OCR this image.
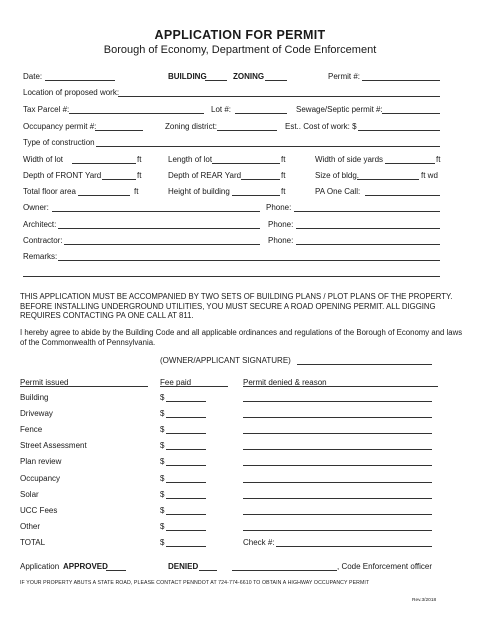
APPLICATION FOR PERMIT
Borough of Economy, Department of Code Enforcement
Date:	BUILDING	ZONING	Permit #:
Location of proposed work:
Tax Parcel #:	Lot #:	Sewage/Septic permit #:
Occupancy permit #:	Zoning district:	Est.. Cost of work: $
Type of construction
Width of lot	ft	Length of lot	ft	Width of side yards	ft
Depth of FRONT Yard	ft	Depth of REAR Yard	ft	Size of bldg.	ft wd
Total floor area	ft	Height of building	ft	PA One Call:
Owner:	Phone:
Architect:	Phone:
Contractor:	Phone:
Remarks:
THIS APPLICATION MUST BE ACCOMPANIED BY TWO SETS OF BUILDING PLANS / PLOT PLANS OF THE PROPERTY. BEFORE INSTALLING UNDERGROUND UTILITIES, YOU MUST SECURE A ROAD OPENING PERMIT. ALL DIGGING REQUIRES CONTACTING PA ONE CALL AT 811.
I hereby agree to abide by the Building Code and all applicable ordinances and regulations of the Borough of Economy and laws of the Commonwealth of Pennsylvania.
(OWNER/APPLICANT SIGNATURE)
Permit issued	Fee paid	Permit denied & reason
Building	$
Driveway	$
Fence	$
Street Assessment	$
Plan review	$
Occupancy	$
Solar	$
UCC Fees	$
Other	$
TOTAL	$	Check #:
Application APPROVED	DENIED	, Code Enforcement officer
IF YOUR PROPERTY ABUTS A STATE ROAD, PLEASE CONTACT PENNDOT AT 724-774-6610 TO OBTAIN A HIGHWAY OCCUPANCY PERMIT
Rev.3/2018
